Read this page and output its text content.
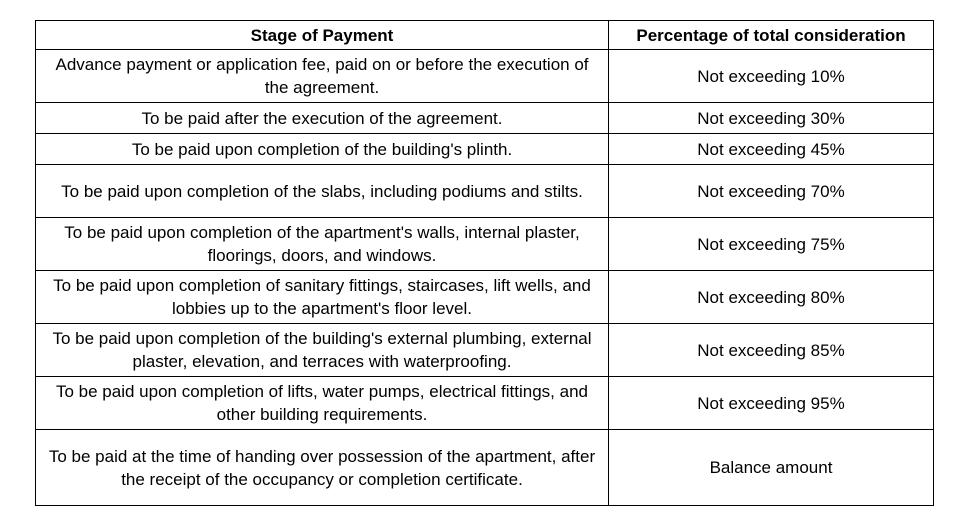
Stage of Payment	Percentage of total consideration
Advance payment or application fee, paid on or before the execution of the agreement.	Not exceeding 10%
To be paid after the execution of the agreement.	Not exceeding 30%
To be paid upon completion of the building's plinth.	Not exceeding 45%
To be paid upon completion of the slabs, including podiums and stilts.	Not exceeding 70%
To be paid upon completion of the apartment's walls, internal plaster, floorings, doors, and windows.	Not exceeding 75%
To be paid upon completion of sanitary fittings, staircases, lift wells, and lobbies up to the apartment's floor level.	Not exceeding 80%
To be paid upon completion of the building's external plumbing, external plaster, elevation, and terraces with waterproofing.	Not exceeding 85%
To be paid upon completion of lifts, water pumps, electrical fittings, and other building requirements.	Not exceeding 95%
To be paid at the time of handing over possession of the apartment, after the receipt of the occupancy or completion certificate.	Balance amount
